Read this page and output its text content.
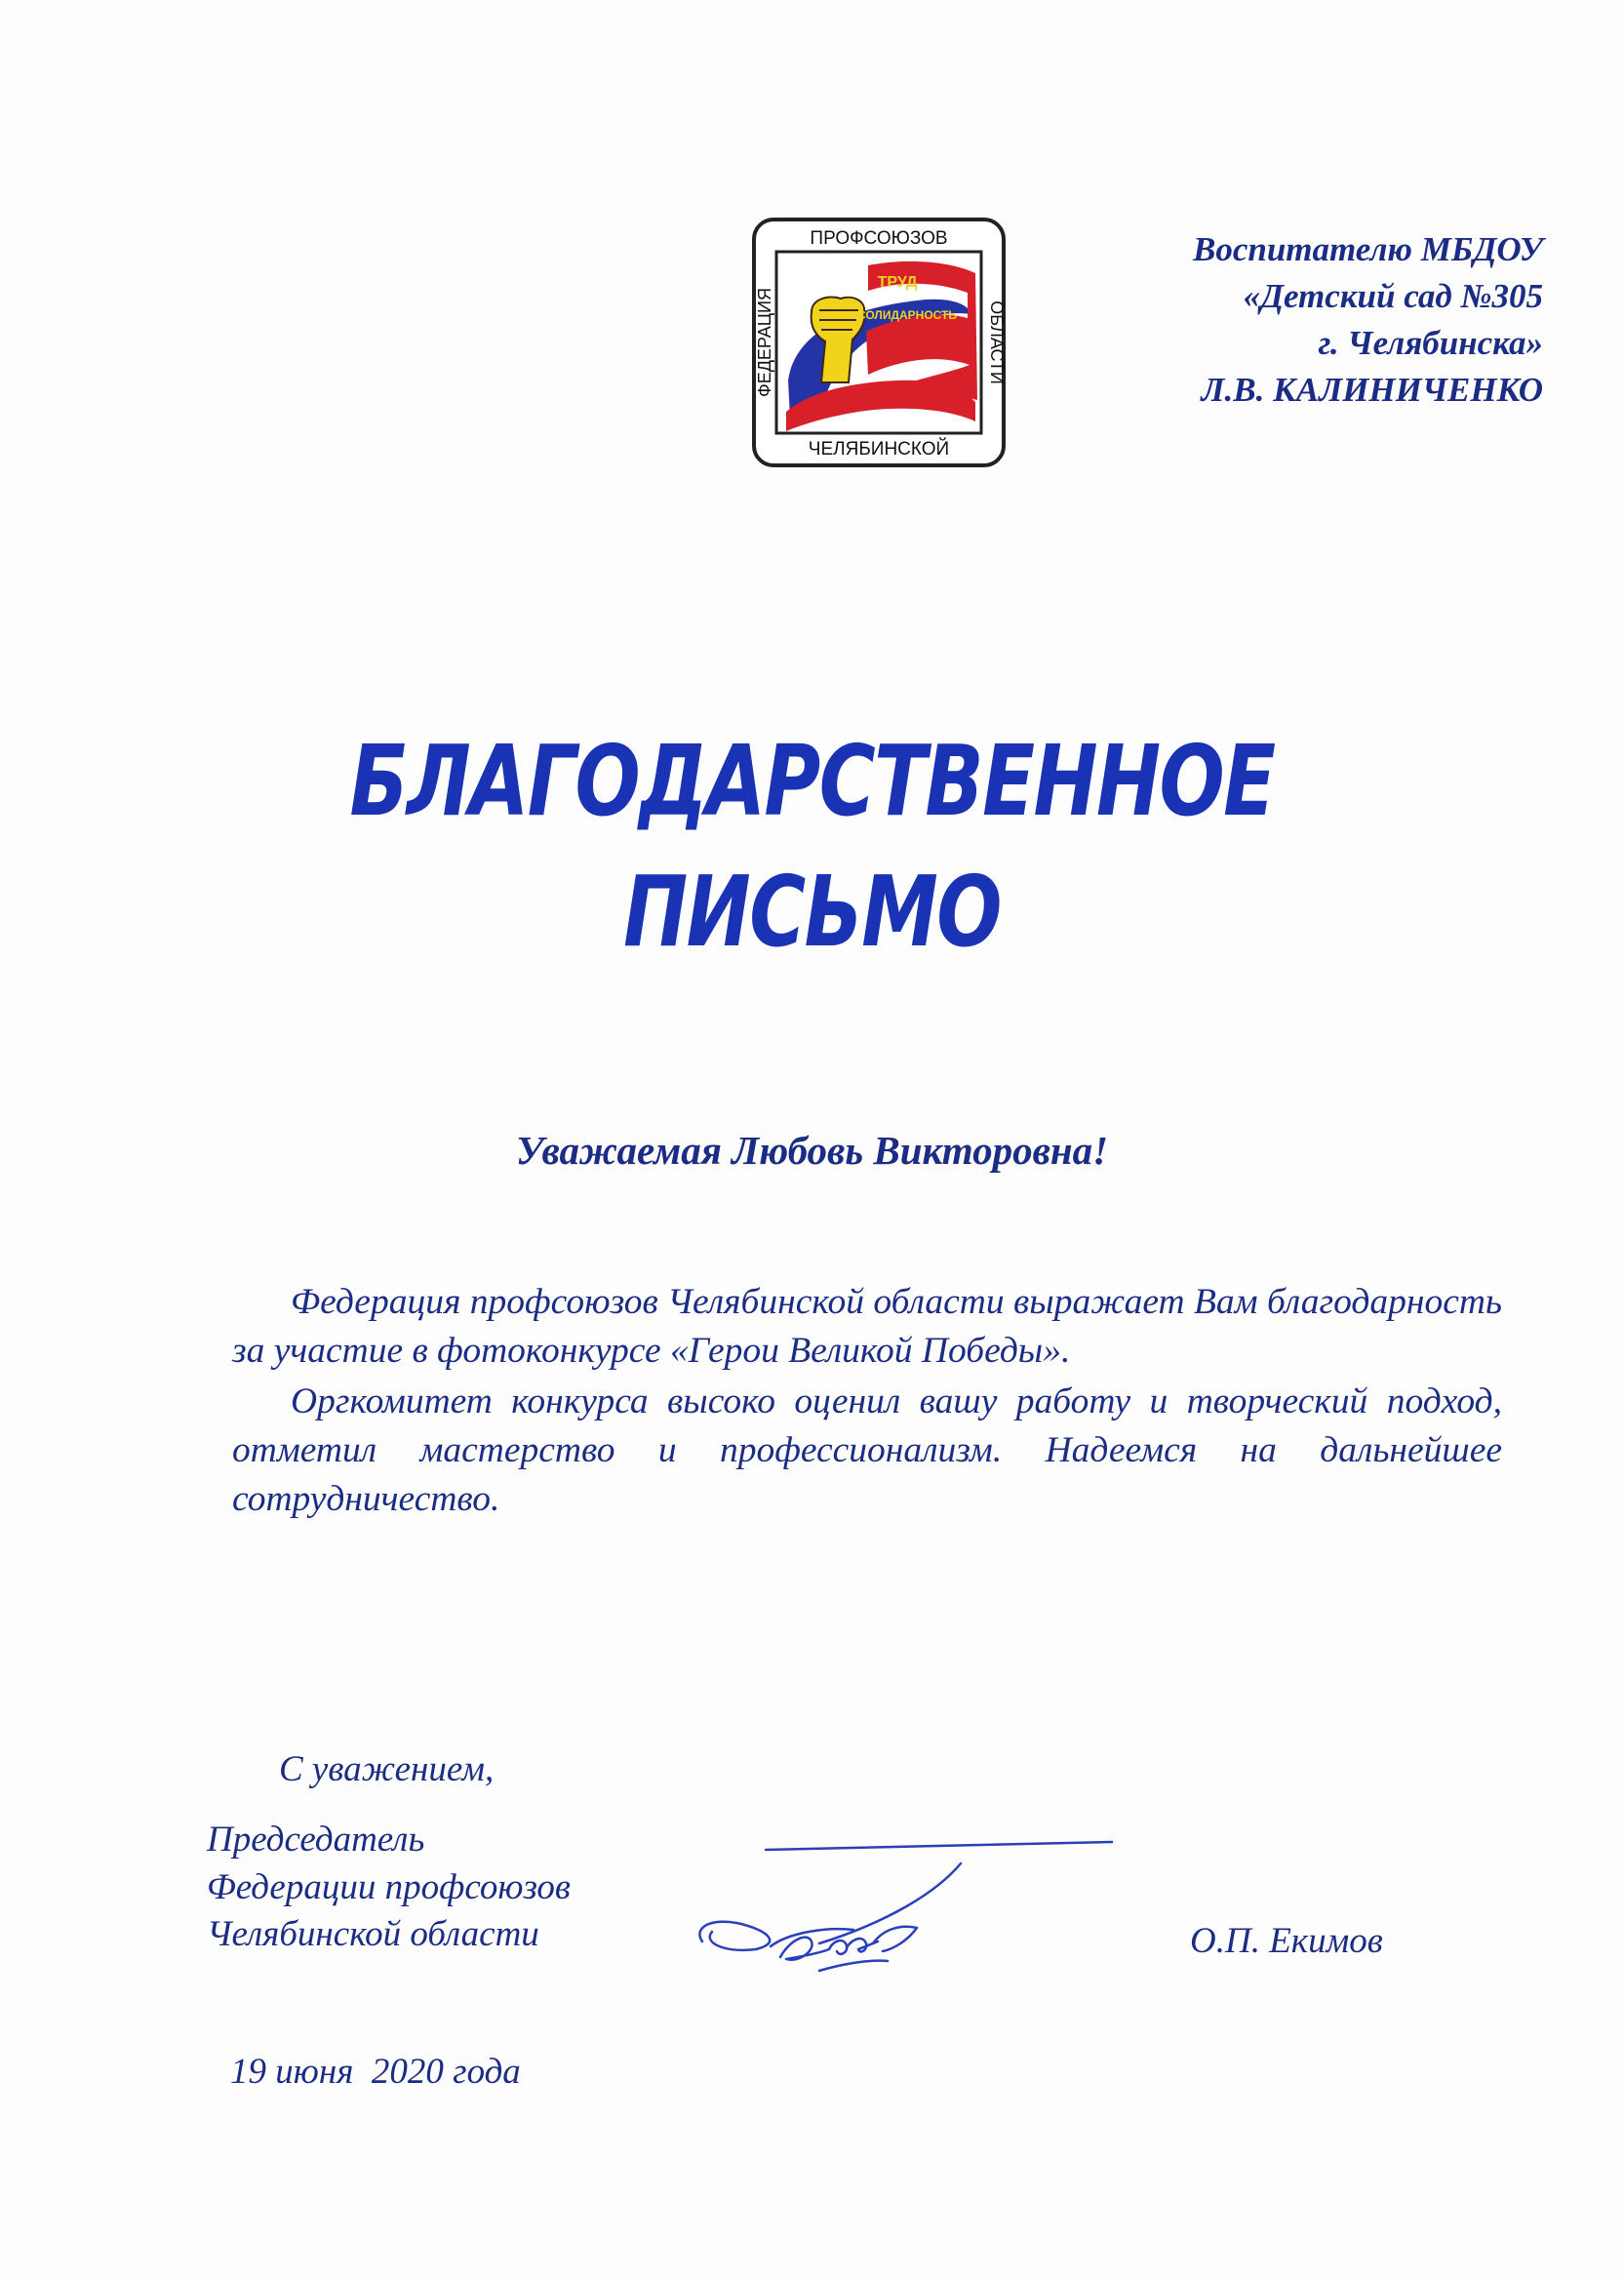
ПРОФСОЮЗОВ
ЧЕЛЯБИНСКОЙ
ФЕДЕРАЦИЯ	ОБЛАСТИ
ТРУД
СОЛИДАРНОСТЬ
Воспитателю МБДОУ
«Детский сад №305
г. Челябинска»
Л.В. КАЛИНИЧЕНКО
БЛАГОДАРСТВЕННОЕ
ПИСЬМО
Уважаемая Любовь Викторовна!

Федерация профсоюзов Челябинской области выражает Вам благодарность за участие в фотоконкурсе «Герои Великой Победы».

Оргкомитет конкурса высоко оценил вашу работу и творческий подход, отметил мастерство и профессионализм. Надеемся на дальнейшее сотрудничество.

С уважением,
Председатель
Федерации профсоюзов
Челябинской области	О.П. Екимов
19 июня  2020 года
